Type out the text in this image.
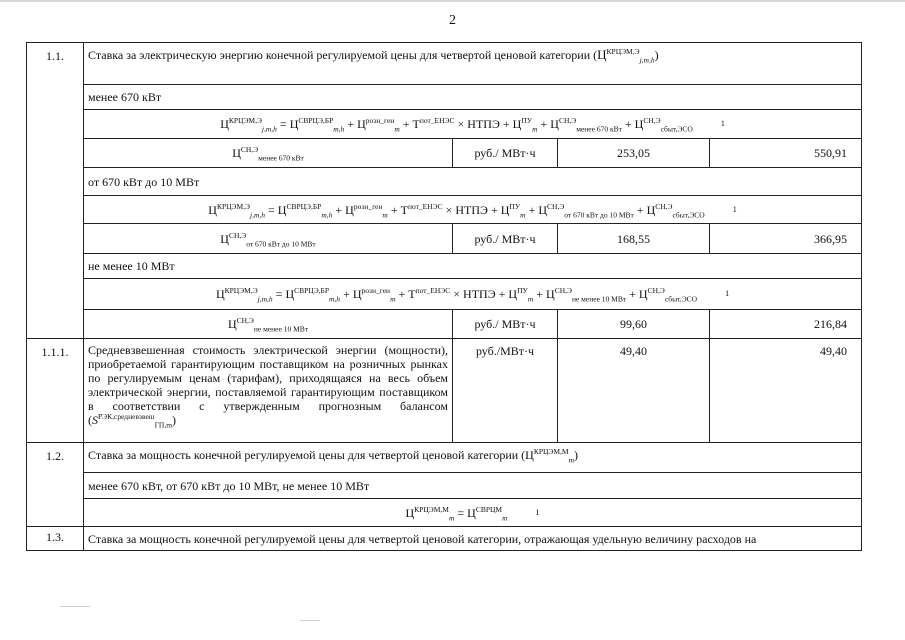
2
1.1.	Ставка за электрическую энергию конечной регулируемой цены для четвертой ценовой категории $(Ц^{КРЦЭМ,Э}_{j,m,h})$			
	менее 670 кВт			
	$Ц^{КРЦЭМ,Э}_{j,m,h} = Ц^{СВРЦЭ,БР}_{m,h} + Ц^{розн\_ген}_m + Т^{пот\_ЕНЭС}$ × НТПЭ + $Ц^{ПУ}_m + Ц^{СН,Э}_{менее 670 кВт} + Ц^{СН,Э}_{сбыт,ЭСО}1$			
	$Ц^{СН,Э}_{менее 670 кВт}$	руб./ МВт·ч	253,05	550,91
	от 670 кВт до 10 МВт			
	$Ц^{КРЦЭМ,Э}_{j,m,h} = Ц^{СВРЦЭ,БР}_{m,h} + Ц^{розн\_ген}_m + Т^{пот\_ЕНЭС}$ × НТПЭ + $Ц^{ПУ}_m + Ц^{СН,Э}_{от 670 кВт до 10 МВт} + Ц^{СН,Э}_{сбыт,ЭСО}1$			
	$Ц^{СН,Э}_{от 670 кВт до 10 МВт}$	руб./ МВт·ч	168,55	366,95
	не менее 10 МВт			
	$Ц^{КРЦЭМ,Э}_{j,m,h} = Ц^{СВРЦЭ,БР}_{m,h} + Ц^{розн\_ген}_m + Т^{пот\_ЕНЭС}$ × НТПЭ + $Ц^{ПУ}_m + Ц^{СН,Э}_{не менее 10 МВт} + Ц^{СН,Э}_{сбыт,ЭСО}1$			
	$Ц^{СН,Э}_{не менее 10 МВт}$	руб./ МВт·ч	99,60	216,84
1.1.1.	Средневзвешенная стоимость электрической энергии (мощности), приобретаемой гарантирующим поставщиком на розничных рынках по регулируемым ценам (тарифам), приходящаяся на весь объем электрической энергии, поставляемой гарантирующим поставщиком в соответствии с утвержденным прогнозным балансом $(S^{РЭК,средневзвеш}_{ГП,m})$	руб./МВт·ч	49,40	49,40
1.2.	Ставка за мощность конечной регулируемой цены для четвертой ценовой категории $(Ц^{КРЦЭМ,М}_m)$			
	менее 670 кВт, от 670 кВт до 10 МВт, не менее 10 МВт			
	$Ц^{КРЦЭМ,М}_m = Ц^{СВРЦМ}_m1$			
1.3.	Ставка за мощность конечной регулируемой цены для четвертой ценовой категории, отражающая удельную величину расходов на			
